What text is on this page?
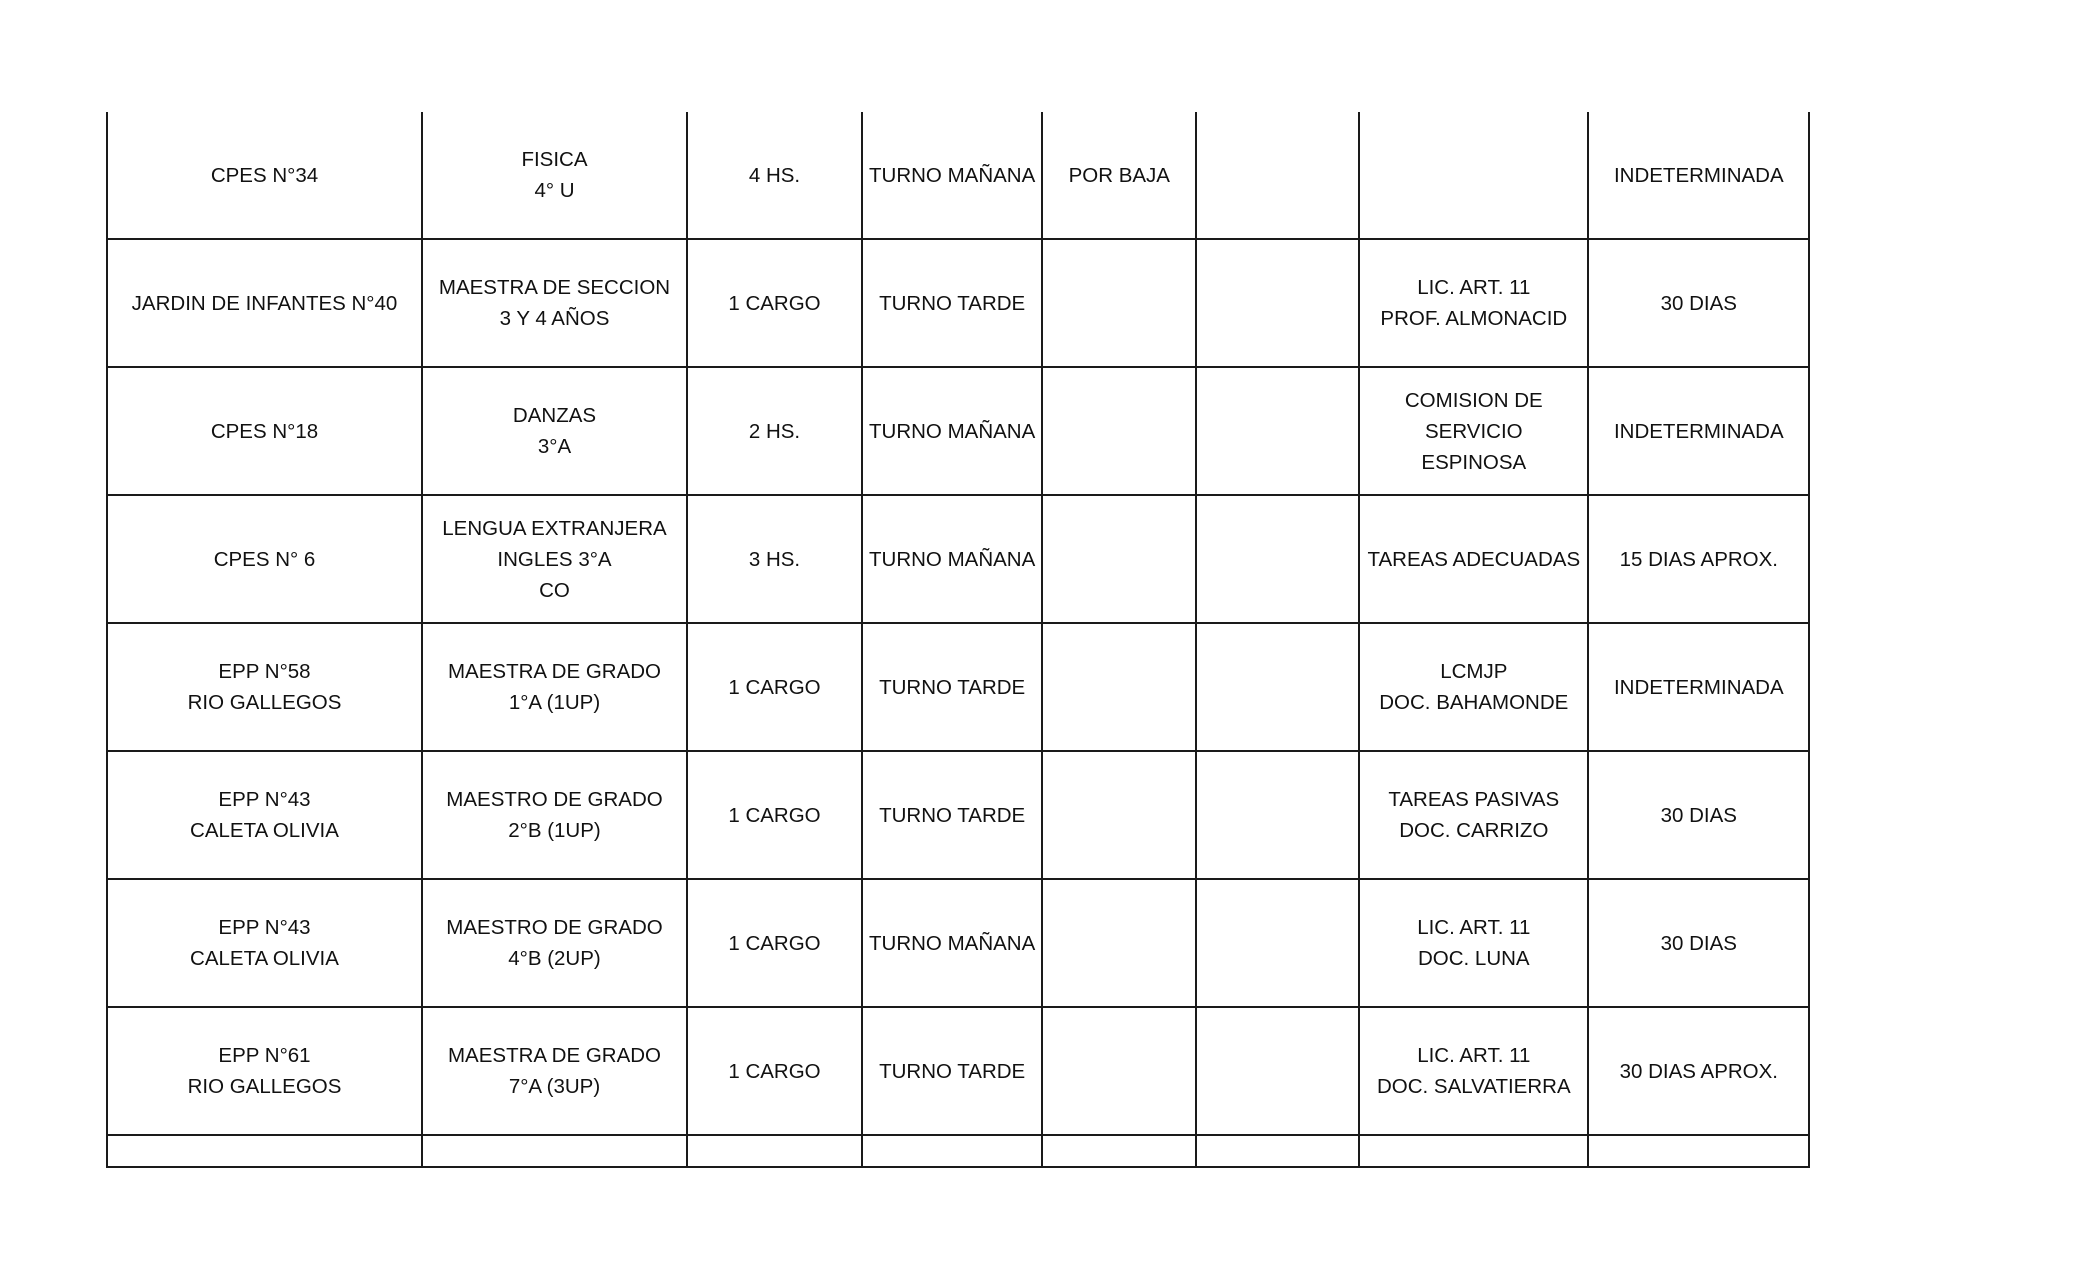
CPES N°34	FISICA
4° U	4 HS.	TURNO MAÑANA	POR BAJA			INDETERMINADA

JARDIN DE INFANTES N°40	MAESTRA DE SECCION
3 Y 4 AÑOS	1 CARGO	TURNO TARDE			LIC. ART. 11
PROF. ALMONACID	30 DIAS

CPES N°18	DANZAS
3°A	2 HS.	TURNO MAÑANA			COMISION DE
SERVICIO
ESPINOSA	INDETERMINADA

CPES N° 6	LENGUA EXTRANJERA
INGLES 3°A
CO	3 HS.	TURNO MAÑANA			TAREAS ADECUADAS	15 DIAS APROX.

EPP N°58
RIO GALLEGOS	MAESTRA DE GRADO
1°A (1UP)	1 CARGO	TURNO TARDE			LCMJP
DOC. BAHAMONDE	INDETERMINADA

EPP N°43
CALETA OLIVIA	MAESTRO DE GRADO
2°B (1UP)	1 CARGO	TURNO TARDE			TAREAS PASIVAS
DOC. CARRIZO	30 DIAS

EPP N°43
CALETA OLIVIA	MAESTRO DE GRADO
4°B (2UP)	1 CARGO	TURNO MAÑANA			LIC. ART. 11
DOC. LUNA	30 DIAS

EPP N°61
RIO GALLEGOS	MAESTRA DE GRADO
7°A (3UP)	1 CARGO	TURNO TARDE			LIC. ART. 11
DOC. SALVATIERRA	30 DIAS APROX.
